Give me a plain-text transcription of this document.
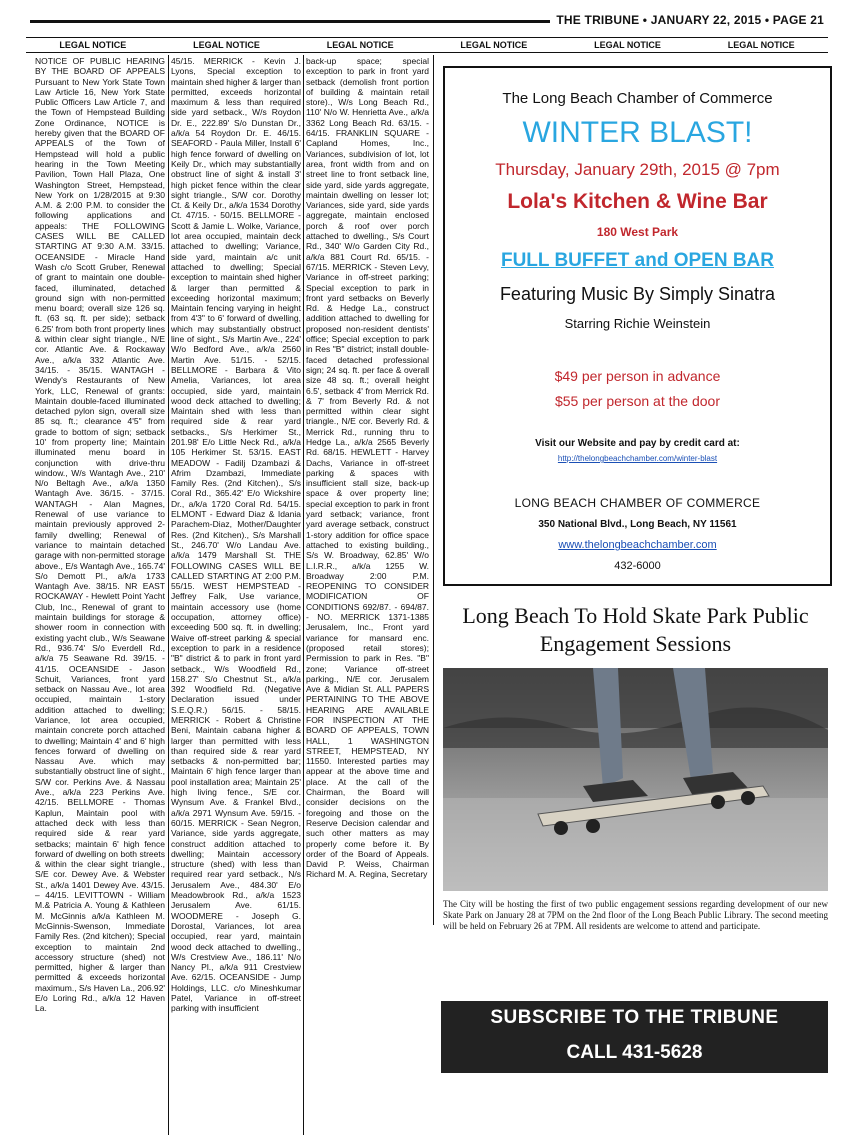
THE TRIBUNE • JANUARY 22, 2015 • PAGE 21
LEGAL NOTICE	LEGAL NOTICE	LEGAL NOTICE	LEGAL NOTICE	LEGAL NOTICE	LEGAL NOTICE

NOTICE OF PUBLIC HEARING BY THE BOARD OF APPEALS Pursuant to New York State Town Law Article 16, New York State Public Officers Law Article 7, and the Town of Hempstead Building Zone Ordinance, NOTICE is hereby given that the BOARD OF APPEALS of the Town of Hempstead will hold a public hearing in the Town Meeting Pavilion, Town Hall Plaza, One Washington Street, Hempstead, New York on 1/28/2015 at 9:30 A.M. & 2:00 P.M. to consider the following applications and appeals: THE FOLLOWING CASES WILL BE CALLED STARTING AT 9:30 A.M. 33/15. OCEANSIDE - Miracle Hand Wash c/o Scott Gruber, Renewal of grant to maintain one double-faced, illuminated, detached ground sign with non-permitted menu board; overall size 126 sq. ft. (63 sq. ft. per side); setback 6.25' from both front property lines & within clear sight triangle., N/E cor. Atlantic Ave. & Rockaway Ave., a/k/a 332 Atlantic Ave. 34/15. - 35/15. WANTAGH - Wendy's Restaurants of New York, LLC, Renewal of grants: Maintain double-faced illuminated detached pylon sign, overall size 85 sq. ft.; clearance 4'5" from grade to bottom of sign; setback 10' from property line; Maintain illuminated menu board in conjunction with drive-thru window., W/s Wantagh Ave., 210' N/o Beltagh Ave., a/k/a 1350 Wantagh Ave. 36/15. - 37/15. WANTAGH - Alan Magnes, Renewal of use variance to maintain previously approved 2-family dwelling; Renewal of variance to maintain detached garage with non-permitted storage above., E/s Wantagh Ave., 165.74' S/o Demott Pl., a/k/a 1733 Wantagh Ave. 38/15. NR EAST ROCKAWAY - Hewlett Point Yacht Club, Inc., Renewal of grant to maintain buildings for storage & shower room in connection with existing yacht club., W/s Seawane Rd., 936.74' S/o Everdell Rd., a/k/a 75 Seawane Rd. 39/15. - 41/15. OCEANSIDE - Jason Schuit, Variances, front yard setback on Nassau Ave., lot area occupied, maintain 1-story addition attached to dwelling; Variance, lot area occupied, maintain concrete porch attached to dwelling; Maintain 4' and 6' high fences forward of dwelling on Nassau Ave. which may substantially obstruct line of sight., S/W cor. Perkins Ave. & Nassau Ave., a/k/a 223 Perkins Ave. 42/15. BELLMORE - Thomas Kaplun, Maintain pool with attached deck with less than required side & rear yard setbacks; maintain 6' high fence forward of dwelling on both streets & within the clear sight triangle., S/E cor. Dewey Ave. & Webster St., a/k/a 1401 Dewey Ave. 43/15. – 44/15. LEVITTOWN - William M.& Patricia A. Young & Kathleen M. McGinnis a/k/a Kathleen M. McGinnis-Swenson, Immediate Family Res. (2nd kitchen); Special exception to maintain 2nd accessory structure (shed) not permitted, higher & larger than permitted & exceeds horizontal maximum., S/s Haven La., 206.92' E/o Loring Rd., a/k/a 12 Haven La.

45/15. MERRICK - Kevin J. Lyons, Special exception to maintain shed higher & larger than permitted, exceeds horizontal maximum & less than required side yard setback., W/s Roydon Dr. E., 222.89' S/o Dunstan Dr., a/k/a 54 Roydon Dr. E. 46/15. SEAFORD - Paula Miller, Install 6' high fence forward of dwelling on Keily Dr., which may substantially obstruct line of sight & install 3' high picket fence within the clear sight triangle., S/W cor. Dorothy Ct. & Keily Dr., a/k/a 1534 Dorothy Ct. 47/15. - 50/15. BELLMORE - Scott & Jamie L. Wolke, Variance, lot area occupied, maintain deck attached to dwelling; Variance, side yard, maintain a/c unit attached to dwelling; Special exception to maintain shed higher & larger than permitted & exceeding horizontal maximum; Maintain fencing varying in height from 4'3" to 6' forward of dwelling, which may substantially obstruct line of sight., S/s Martin Ave., 224' W/o Bedford Ave., a/k/a 2560 Martin Ave. 51/15. - 52/15. BELLMORE - Barbara & Vito Amelia, Variances, lot area occupied, side yard, maintain wood deck attached to dwelling; Maintain shed with less than required side & rear yard setbacks., S/s Herkimer St., 201.98' E/o Little Neck Rd., a/k/a 105 Herkimer St. 53/15. EAST MEADOW - Fadilj Dzambazi & Afrim Dzambazi, Immediate Family Res. (2nd Kitchen)., S/s Coral Rd., 365.42' E/o Wickshire Dr., a/k/a 1720 Coral Rd. 54/15. ELMONT - Edward Diaz & Idania Parachem-Diaz, Mother/Daughter Res. (2nd Kitchen)., S/s Marshall St., 246.70' W/o Landau Ave. a/k/a 1479 Marshall St. THE FOLLOWING CASES WILL BE CALLED STARTING AT 2:00 P.M. 55/15. WEST HEMPSTEAD - Jeffrey Falk, Use variance, maintain accessory use (home occupation, attorney office) exceeding 500 sq. ft. in dwelling; Waive off-street parking & special exception to park in a residence "B" district & to park in front yard setback., W/s Woodfield Rd., 158.27' S/o Chestnut St., a/k/a 392 Woodfield Rd. (Negative Declaration issued under S.E.Q.R.) 56/15. - 58/15. MERRICK - Robert & Christine Beni, Maintain cabana higher & larger than permitted with less than required side & rear yard setbacks & non-permitted bar; Maintain 6' high fence larger than pool installation area; Maintain 25' high living fence., S/E cor. Wynsum Ave. & Frankel Blvd., a/k/a 2971 Wynsum Ave. 59/15. - 60/15. MERRICK - Sean Negron, Variance, side yards aggregate, construct addition attached to dwelling; Maintain accessory structure (shed) with less than required rear yard setback., N/s Jerusalem Ave., 484.30' E/o Meadowbrook Rd., a/k/a 1523 Jerusalem Ave. 61/15. WOODMERE - Joseph G. Dorostal, Variances, lot area occupied, rear yard, maintain wood deck attached to dwelling., W/s Crestview Ave., 186.11' N/o Nancy Pl., a/k/a 911 Crestview Ave. 62/15. OCEANSIDE - Jump Holdings, LLC. c/o Mineshkumar Patel, Variance in off-street parking with insufficient

back-up space; special exception to park in front yard setback (demolish front portion of building & maintain retail store)., W/s Long Beach Rd., 110' N/o W. Henrietta Ave., a/k/a 3362 Long Beach Rd. 63/15. - 64/15. FRANKLIN SQUARE - Capland Homes, Inc., Variances, subdivision of lot, lot area, front width from and on street line to front setback line, side yard, side yards aggregate, maintain dwelling on lesser lot; Variances, side yard, side yards aggregate, maintain enclosed porch & roof over porch attached to dwelling., S/s Court Rd., 340' W/o Garden City Rd., a/k/a 881 Court Rd. 65/15. - 67/15. MERRICK - Steven Levy, Variance in off-street parking; Special exception to park in front yard setbacks on Beverly Rd. & Hedge La., construct addition attached to dwelling for proposed non-resident dentists' office; Special exception to park in Res "B" district; install double-faced detached professional sign; 24 sq. ft. per face & overall size 48 sq. ft.; overall height 6.5', setback 4' from Merrick Rd. & 7' from Beverly Rd. & not permitted within clear sight triangle., N/E cor. Beverly Rd. & Merrick Rd., running thru to Hedge La., a/k/a 2565 Beverly Rd. 68/15. HEWLETT - Harvey Dachs, Variance in off-street parking & spaces with insufficient stall size, back-up space & over property line; special exception to park in front yard setback; variance, front yard average setback, construct 1-story addition for office space attached to existing building., S/s W. Broadway, 62.85' W/o L.I.R.R., a/k/a 1255 W. Broadway 2:00 P.M. REOPENING TO CONSIDER MODIFICATION OF CONDITIONS 692/87. - 694/87. - NO. MERRICK 1371-1385 Jerusalem, Inc., Front yard variance for mansard enc. (proposed retail stores); Permission to park in Res. "B" zone; Variance off-street parking., N/E cor. Jerusalem Ave & Midian St. ALL PAPERS PERTAINING TO THE ABOVE HEARING ARE AVAILABLE FOR INSPECTION AT THE BOARD OF APPEALS, TOWN HALL, 1 WASHINGTON STREET, HEMPSTEAD, NY 11550. Interested parties may appear at the above time and place. At the call of the Chairman, the Board will consider decisions on the foregoing and those on the Reserve Decision calendar and such other matters as may properly come before it. By order of the Board of Appeals. David P. Weiss, Chairman Richard M. A. Regina, Secretary

The Long Beach Chamber of Commerce
WINTER BLAST!
Thursday, January 29th, 2015 @ 7pm
Lola's Kitchen & Wine Bar
180 West Park
FULL BUFFET and OPEN BAR
Featuring Music By Simply Sinatra
Starring Richie Weinstein
$49 per person in advance
$55 per person at the door
Visit our Website and pay by credit card at:
http://thelongbeachchamber.com/winter-blast
LONG BEACH CHAMBER OF COMMERCE
350 National Blvd., Long Beach, NY 11561
www.thelongbeachchamber.com
432-6000
Long Beach To Hold Skate Park Public Engagement Sessions
The City will be hosting the first of two public engagement sessions regarding development of our new Skate Park on January 28 at 7PM on the 2nd floor of the Long Beach Public Library. The second meeting will be held on February 26 at 7PM. All residents are welcome to attend and participate.
SUBSCRIBE TO THE TRIBUNE
CALL 431-5628
